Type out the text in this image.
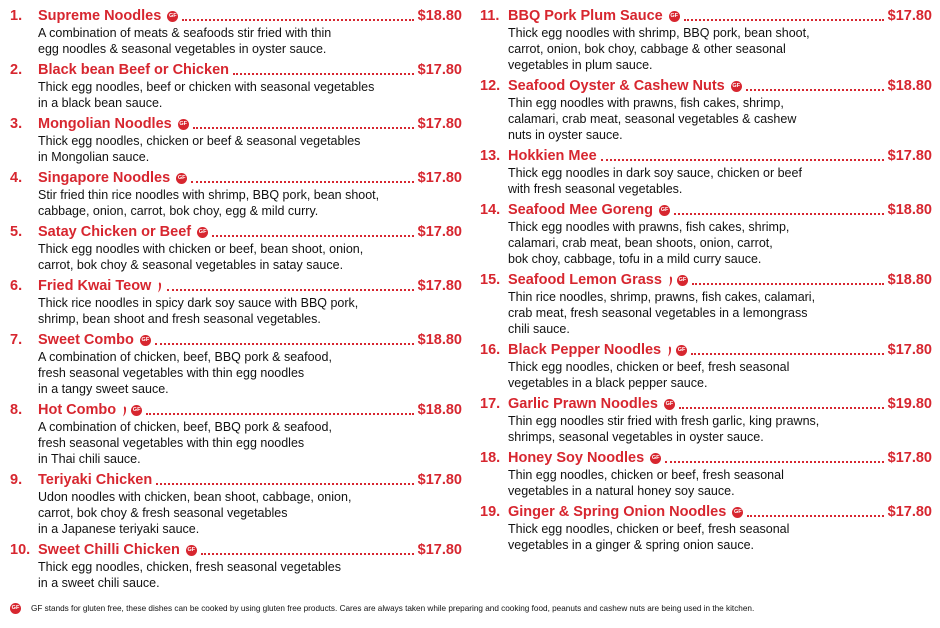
1.	Supreme Noodles	GF	$18.80
A combination of meats & seafoods stir fried with thin
egg noodles & seasonal vegetables in oyster sauce.
2.	Black bean Beef or Chicken	$17.80
Thick egg noodles, beef or chicken with seasonal vegetables
in a black bean sauce.
3.	Mongolian Noodles	GF	$17.80
Thick egg noodles, chicken or beef & seasonal vegetables
in Mongolian sauce.
4.	Singapore Noodles	GF	$17.80
Stir fried thin rice noodles with shrimp, BBQ pork, bean shoot,
cabbage, onion, carrot, bok choy, egg & mild curry.
5.	Satay Chicken or Beef	GF	$17.80
Thick egg noodles with chicken or beef, bean shoot, onion,
carrot, bok choy & seasonal vegetables in satay sauce.
6.	Fried Kwai Teow	$17.80
Thick rice noodles in spicy dark soy sauce with BBQ pork,
shrimp, bean shoot and fresh seasonal vegetables.
7.	Sweet Combo	GF	$18.80
A combination of chicken, beef, BBQ pork & seafood,
fresh seasonal vegetables with thin egg noodles
in a tangy sweet sauce.
8.	Hot Combo	GF	$18.80
A combination of chicken, beef, BBQ pork & seafood,
fresh seasonal vegetables with thin egg noodles
in Thai chili sauce.
9.	Teriyaki Chicken	$17.80
Udon noodles with chicken, bean shoot, cabbage, onion,
carrot, bok choy & fresh seasonal vegetables
in a Japanese teriyaki sauce.
10. Sweet Chilli Chicken	GF	$17.80
Thick egg noodles, chicken, fresh seasonal vegetables
in a sweet chili sauce.
11. BBQ Pork Plum Sauce	GF	$17.80
Thick egg noodles with shrimp, BBQ pork, bean shoot,
carrot, onion, bok choy, cabbage & other seasonal
vegetables in plum sauce.
12. Seafood Oyster & Cashew Nuts	GF	$18.80
Thin egg noodles with prawns, fish cakes, shrimp,
calamari, crab meat, seasonal vegetables & cashew
nuts in oyster sauce.
13. Hokkien Mee	$17.80
Thick egg noodles in dark soy sauce, chicken or beef
with fresh seasonal vegetables.
14. Seafood Mee Goreng	GF	$18.80
Thick egg noodles with prawns, fish cakes, shrimp,
calamari, crab meat, bean shoots, onion, carrot,
bok choy, cabbage, tofu in a mild curry sauce.
15. Seafood Lemon Grass	GF	$18.80
Thin rice noodles, shrimp, prawns, fish cakes, calamari,
crab meat, fresh seasonal vegetables in a lemongrass
chili sauce.
16. Black Pepper Noodles	GF	$17.80
Thick egg noodles, chicken or beef, fresh seasonal
vegetables in a black pepper sauce.
17. Garlic Prawn Noodles	GF	$19.80
Thin egg noodles stir fried with fresh garlic, king prawns,
shrimps, seasonal vegetables in oyster sauce.
18. Honey Soy Noodles	GF	$17.80
Thin egg noodles, chicken or beef, fresh seasonal
vegetables in a natural honey soy sauce.
19. Ginger & Spring Onion Noodles	GF	$17.80
Thick egg noodles, chicken or beef, fresh seasonal
vegetables in a ginger & spring onion sauce.
GF GF stands for gluten free, these dishes can be cooked by using gluten free products. Cares are always taken while preparing and cooking food, peanuts and cashew nuts are being used in the kitchen.
